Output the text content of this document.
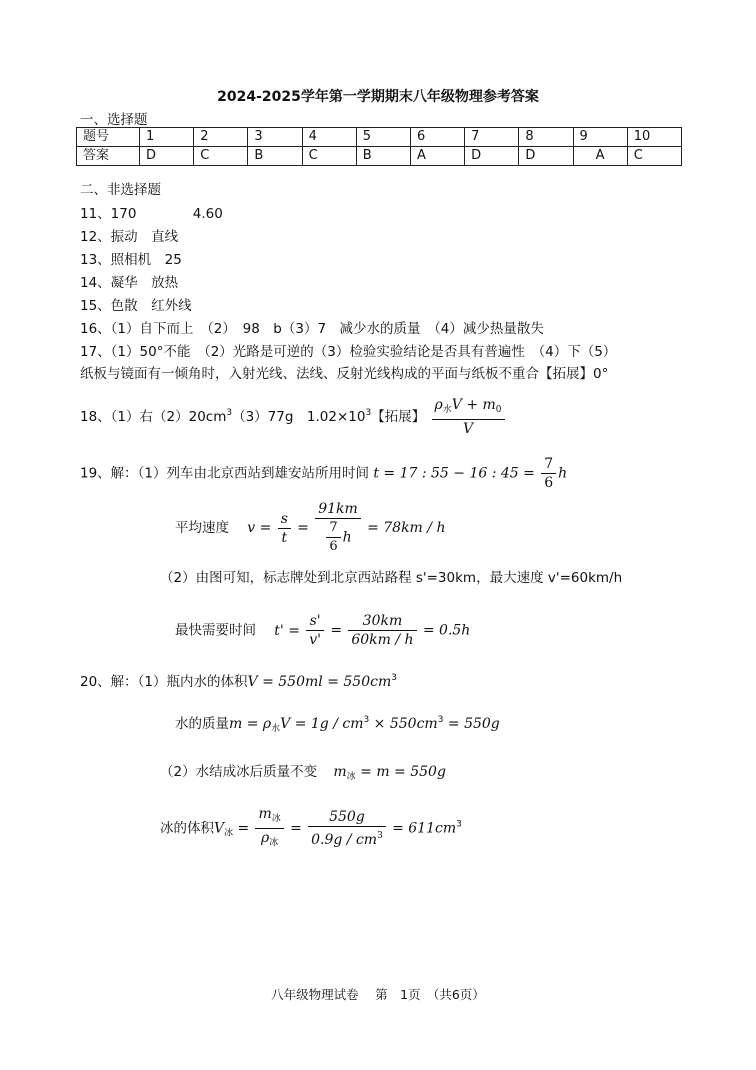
2024-2025学年第一学期期末八年级物理参考答案
一、选择题
题号	1	2	3	4	5	6	7	8	9	10
答案	D	C	B	C	B	A	D	D	A	C
二、非选择题
11、170	4.60
12、振动　直线
13、照相机　25
14、凝华　放热
15、色散　红外线
16、（1）自下而上　（2）　98　b（3）7　减少水的质量　（4）减少热量散失
17、（1）50°不能　（2）光路是可逆的（3）检验实验结论是否具有普遍性　（4）下（5）
纸板与镜面有一倾角时，入射光线、法线、反射光线构成的平面与纸板不重合【拓展】0°
18、（1）右$(2)20cm^3(3)77g$　$1.02\times 10^3$【拓展】 $\frac{\rho_水V + m_0}{V}$
19、解：（1）列车由北京西站到雄安站所用时间 t = 17 : 55 − 16 : $45 = \frac{7}{6}$ h
平均速度 $v = \frac{s}{t} = \frac{91km}{\frac{7}{6} h} = 78km / h$
（2）由图可知，标志牌处到北京西站路程 s'=30km，最大速度 v'=60km/h
最快需要时间 $t' = \frac{s'}{v'} = \frac{30km}{60km / h} = 0.5h$
20、解：（1）瓶内水的体积$V = 550ml = 550cm^3$
水的质量$m = \rho_水V = 1g / cm^3 \times 550cm^3 = 550g$
（2）水结成冰后质量不变 $m_冰 = m = 550g$
冰的体积$V_冰 = \frac{m_冰}{\rho_冰} = \frac{550g}{0.9g / cm^3} = 611cm^3$
八年级物理试卷　 第　1页　（共6页）
